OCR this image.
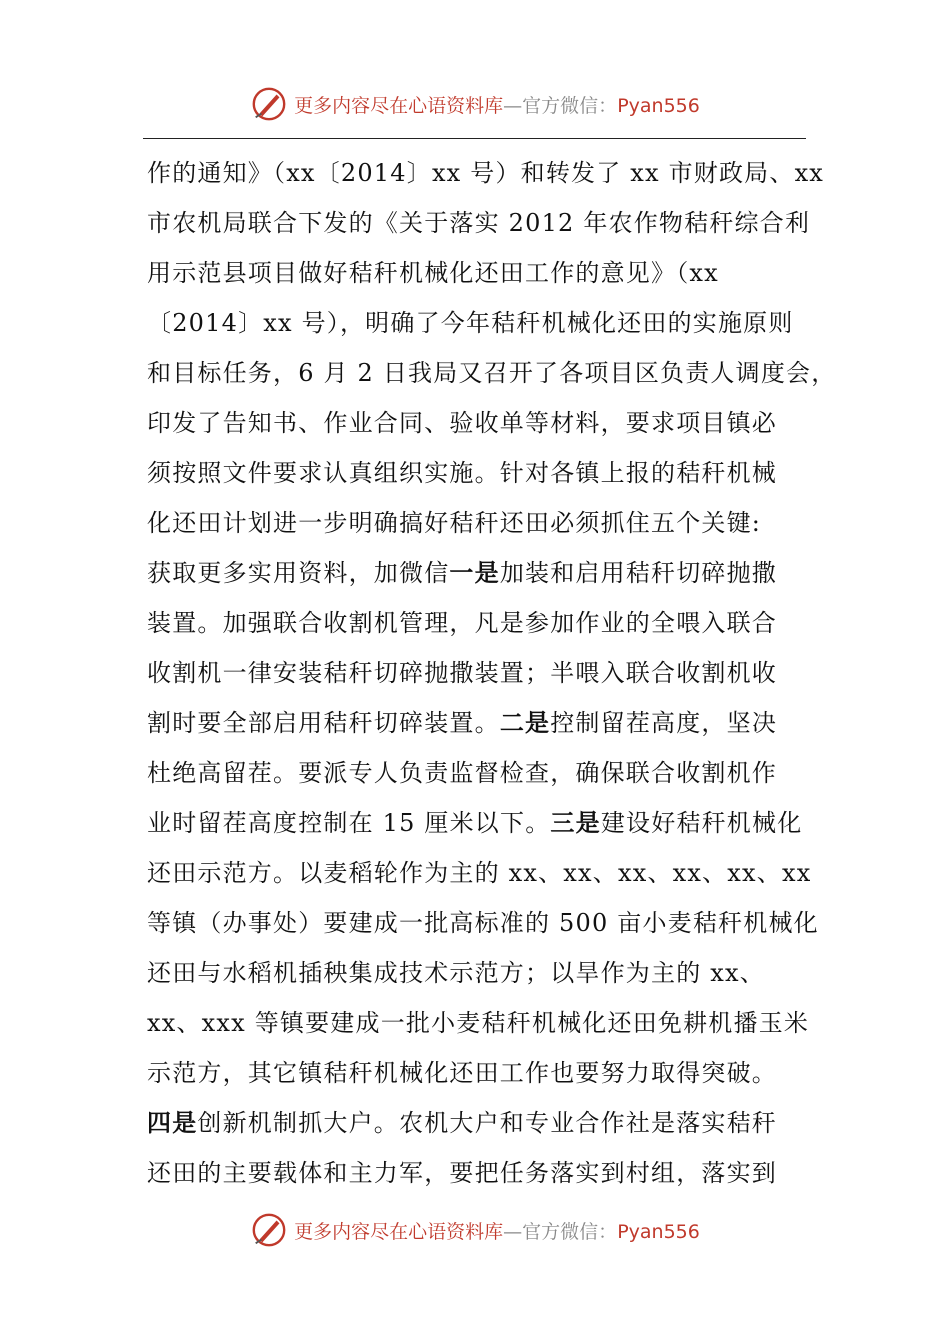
更多内容尽在心语资料库—官方微信：Pyan556
作的通知》（xx〔2014〕xx 号）和转发了 xx 市财政局、xx
市农机局联合下发的《关于落实 2012 年农作物秸秆综合利
用示范县项目做好秸秆机械化还田工作的意见》（xx
〔2014〕xx 号），明确了今年秸秆机械化还田的实施原则
和目标任务，6 月 2 日我局又召开了各项目区负责人调度会，
印发了告知书、作业合同、验收单等材料，要求项目镇必
须按照文件要求认真组织实施。针对各镇上报的秸秆机械
化还田计划进一步明确搞好秸秆还田必须抓住五个关键:
获取更多实用资料，加微信一是加装和启用秸秆切碎抛撒
装置。加强联合收割机管理，凡是参加作业的全喂入联合
收割机一律安装秸秆切碎抛撒装置；半喂入联合收割机收
割时要全部启用秸秆切碎装置。二是控制留茬高度，坚决
杜绝高留茬。要派专人负责监督检查，确保联合收割机作
业时留茬高度控制在 15 厘米以下。三是建设好秸秆机械化
还田示范方。以麦稻轮作为主的 xx、xx、xx、xx、xx、xx
等镇（办事处）要建成一批高标准的 500 亩小麦秸秆机械化
还田与水稻机插秧集成技术示范方；以旱作为主的 xx、
xx、xxx 等镇要建成一批小麦秸秆机械化还田免耕机播玉米
示范方，其它镇秸秆机械化还田工作也要努力取得突破。
四是创新机制抓大户。农机大户和专业合作社是落实秸秆
还田的主要载体和主力军，要把任务落实到村组，落实到
更多内容尽在心语资料库—官方微信：Pyan556
